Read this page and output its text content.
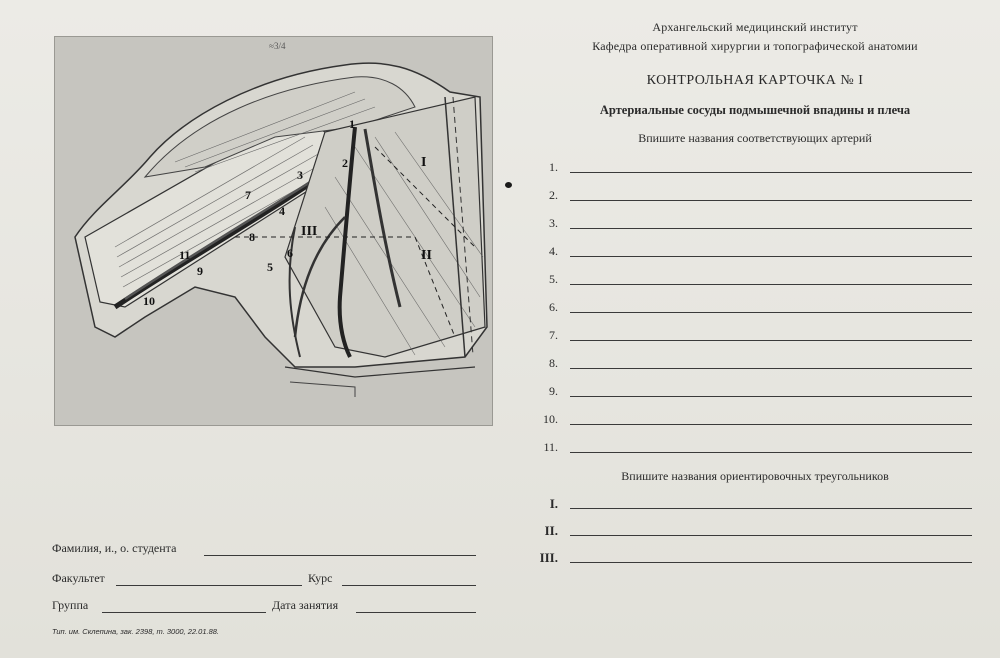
1
2
3
4
5
6
7
8
9
10
11
I
II
III
≈3/4
Архангельский медицинский институт
Кафедра оперативной хирургии и топографической анатомии
КОНТРОЛЬНАЯ КАРТОЧКА № I
Артериальные сосуды подмышечной впадины и плеча
Впишите названия соответствующих артерий
1.
2.
3.
4.
5.
6.
7.
8.
9.
10.
11.
Впишите названия ориентировочных треугольников
I.
II.
III.
Фамилия, и., о. студента
Факультет	Курс
Группа	Дата занятия
Тип. им. Склепина, зак. 2398, т. 3000, 22.01.88.
